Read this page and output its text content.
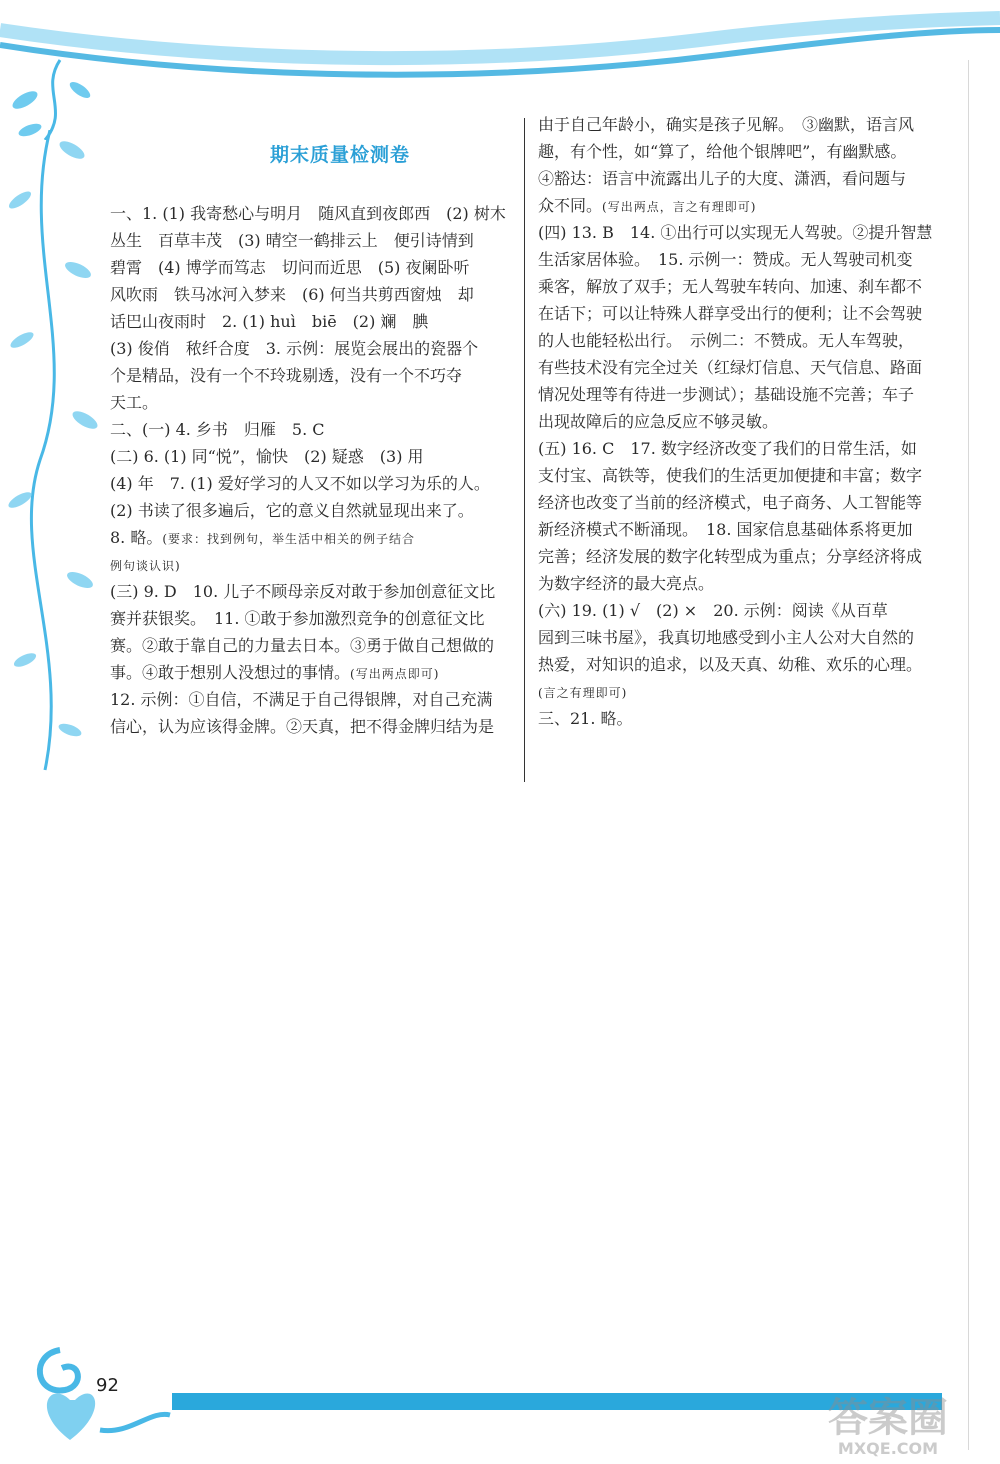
期末质量检测卷
一、1. (1) 我寄愁心与明月　随风直到夜郎西　(2) 树木
丛生　百草丰茂　(3) 晴空一鹤排云上　便引诗情到
碧霄　(4) 博学而笃志　切问而近思　(5) 夜阑卧听
风吹雨　铁马冰河入梦来　(6) 何当共剪西窗烛　却
话巴山夜雨时　2. (1) huì　biē　(2) 斓　腆
(3) 俊俏　秾纤合度　3. 示例：展览会展出的瓷器个
个是精品，没有一个不玲珑剔透，没有一个不巧夺
天工。
二、(一) 4. 乡书　归雁　5. C
(二) 6. (1) 同“悦”，愉快　(2) 疑惑　(3) 用
(4) 年　7. (1) 爱好学习的人又不如以学习为乐的人。
(2) 书读了很多遍后，它的意义自然就显现出来了。
8. 略。(要求：找到例句，举生活中相关的例子结合
例句谈认识)
(三) 9. D　10. 儿子不顾母亲反对敢于参加创意征文比
赛并获银奖。　11. ①敢于参加激烈竞争的创意征文比
赛。②敢于靠自己的力量去日本。③勇于做自己想做的
事。④敢于想别人没想过的事情。(写出两点即可)
12. 示例：①自信，不满足于自己得银牌，对自己充满
信心，认为应该得金牌。②天真，把不得金牌归结为是
由于自己年龄小，确实是孩子见解。　③幽默，语言风
趣，有个性，如“算了，给他个银牌吧”，有幽默感。
④豁达：语言中流露出儿子的大度、潇洒，看问题与
众不同。(写出两点，言之有理即可)
(四) 13. B　14. ①出行可以实现无人驾驶。②提升智慧
生活家居体验。　15. 示例一：赞成。无人驾驶司机变
乘客，解放了双手；无人驾驶车转向、加速、刹车都不
在话下；可以让特殊人群享受出行的便利；让不会驾驶
的人也能轻松出行。　示例二：不赞成。无人车驾驶，
有些技术没有完全过关（红绿灯信息、天气信息、路面
情况处理等有待进一步测试）；基础设施不完善；车子
出现故障后的应急反应不够灵敏。
(五) 16. C　17. 数字经济改变了我们的日常生活，如
支付宝、高铁等，使我们的生活更加便捷和丰富；数字
经济也改变了当前的经济模式，电子商务、人工智能等
新经济模式不断涌现。　18. 国家信息基础体系将更加
完善；经济发展的数字化转型成为重点；分享经济将成
为数字经济的最大亮点。
(六) 19. (1) √　(2) ×　20. 示例：阅读《从百草
园到三味书屋》，我真切地感受到小主人公对大自然的
热爱，对知识的追求，以及天真、幼稚、欢乐的心理。
(言之有理即可)
三、21. 略。
92
答案圈
MXQE.COM
